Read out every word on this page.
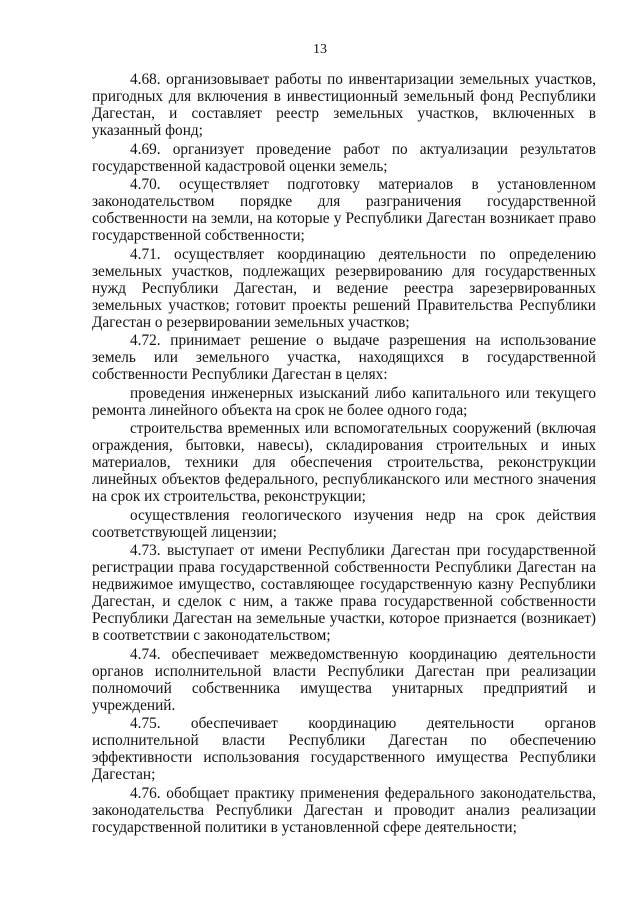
13

4.68. организовывает работы по инвентаризации земельных участков, пригодных для включения в инвестиционный земельный фонд Республики Дагестан, и составляет реестр земельных участков, включенных в указанный фонд;

4.69. организует проведение работ по актуализации результатов государственной кадастровой оценки земель;

4.70. осуществляет подготовку материалов в установленном законодательством порядке для разграничения государственной собственности на земли, на которые у Республики Дагестан возникает право государственной собственности;

4.71. осуществляет координацию деятельности по определению земельных участков, подлежащих резервированию для государственных нужд Республики Дагестан, и ведение реестра зарезервированных земельных участков; готовит проекты решений Правительства Республики Дагестан о резервировании земельных участков;

4.72. принимает решение о выдаче разрешения на использование земель или земельного участка, находящихся в государственной собственности Республики Дагестан в целях:

проведения инженерных изысканий либо капитального или текущего ремонта линейного объекта на срок не более одного года;

строительства временных или вспомогательных сооружений (включая ограждения, бытовки, навесы), складирования строительных и иных материалов, техники для обеспечения строительства, реконструкции линейных объектов федерального, республиканского или местного значения на срок их строительства, реконструкции;

осуществления геологического изучения недр на срок действия соответствующей лицензии;

4.73. выступает от имени Республики Дагестан при государственной регистрации права государственной собственности Республики Дагестан на недвижимое имущество, составляющее государственную казну Республики Дагестан, и сделок с ним, а также права государственной собственности Республики Дагестан на земельные участки, которое признается (возникает) в соответствии с законодательством;

4.74. обеспечивает межведомственную координацию деятельности органов исполнительной власти Республики Дагестан при реализации полномочий собственника имущества унитарных предприятий и учреждений.

4.75. обеспечивает координацию деятельности органов исполнительной власти Республики Дагестан по обеспечению эффективности использования государственного имущества Республики Дагестан;

4.76. обобщает практику применения федерального законодательства, законодательства Республики Дагестан и проводит анализ реализации государственной политики в установленной сфере деятельности;
